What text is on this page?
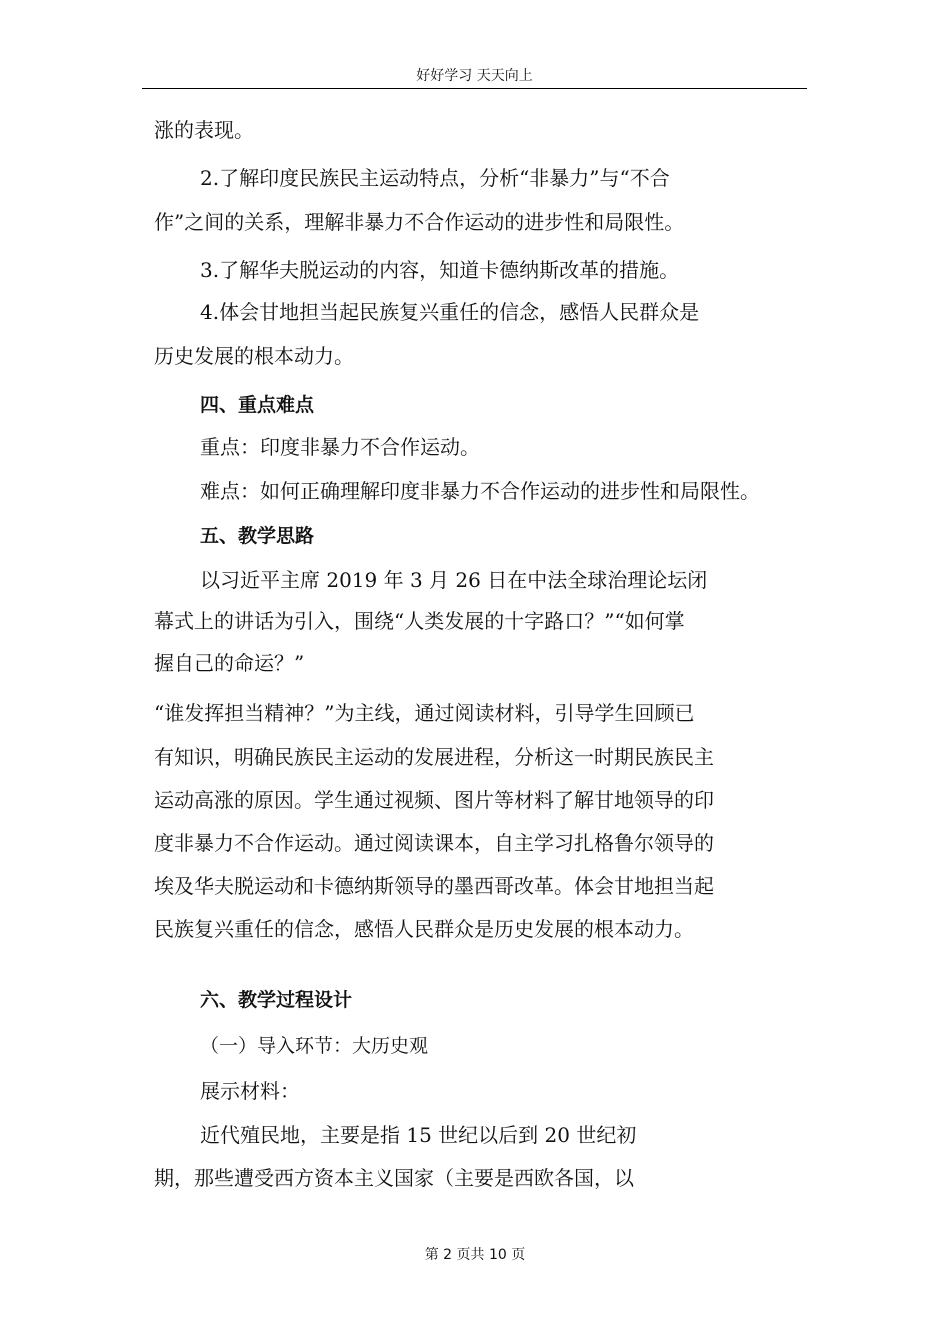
好好学习 天天向上
涨的表现。
2.了解印度民族民主运动特点，分析“非暴力”与“不合
作”之间的关系，理解非暴力不合作运动的进步性和局限性。
3.了解华夫脱运动的内容，知道卡德纳斯改革的措施。
4.体会甘地担当起民族复兴重任的信念，感悟人民群众是
历史发展的根本动力。
四、重点难点
重点：印度非暴力不合作运动。
难点：如何正确理解印度非暴力不合作运动的进步性和局限性。
五、教学思路
以习近平主席 2019 年 3 月 26 日在中法全球治理论坛闭
幕式上的讲话为引入，围绕“人类发展的十字路口？”“如何掌
握自己的命运？”
“谁发挥担当精神？”为主线，通过阅读材料，引导学生回顾已
有知识，明确民族民主运动的发展进程，分析这一时期民族民主
运动高涨的原因。学生通过视频、图片等材料了解甘地领导的印
度非暴力不合作运动。通过阅读课本，自主学习扎格鲁尔领导的
埃及华夫脱运动和卡德纳斯领导的墨西哥改革。体会甘地担当起
民族复兴重任的信念，感悟人民群众是历史发展的根本动力。
六、教学过程设计
（一）导入环节：大历史观
展示材料：
近代殖民地，主要是指 15 世纪以后到 20 世纪初
期，那些遭受西方资本主义国家（主要是西欧各国，以
第 2 页共 10 页
